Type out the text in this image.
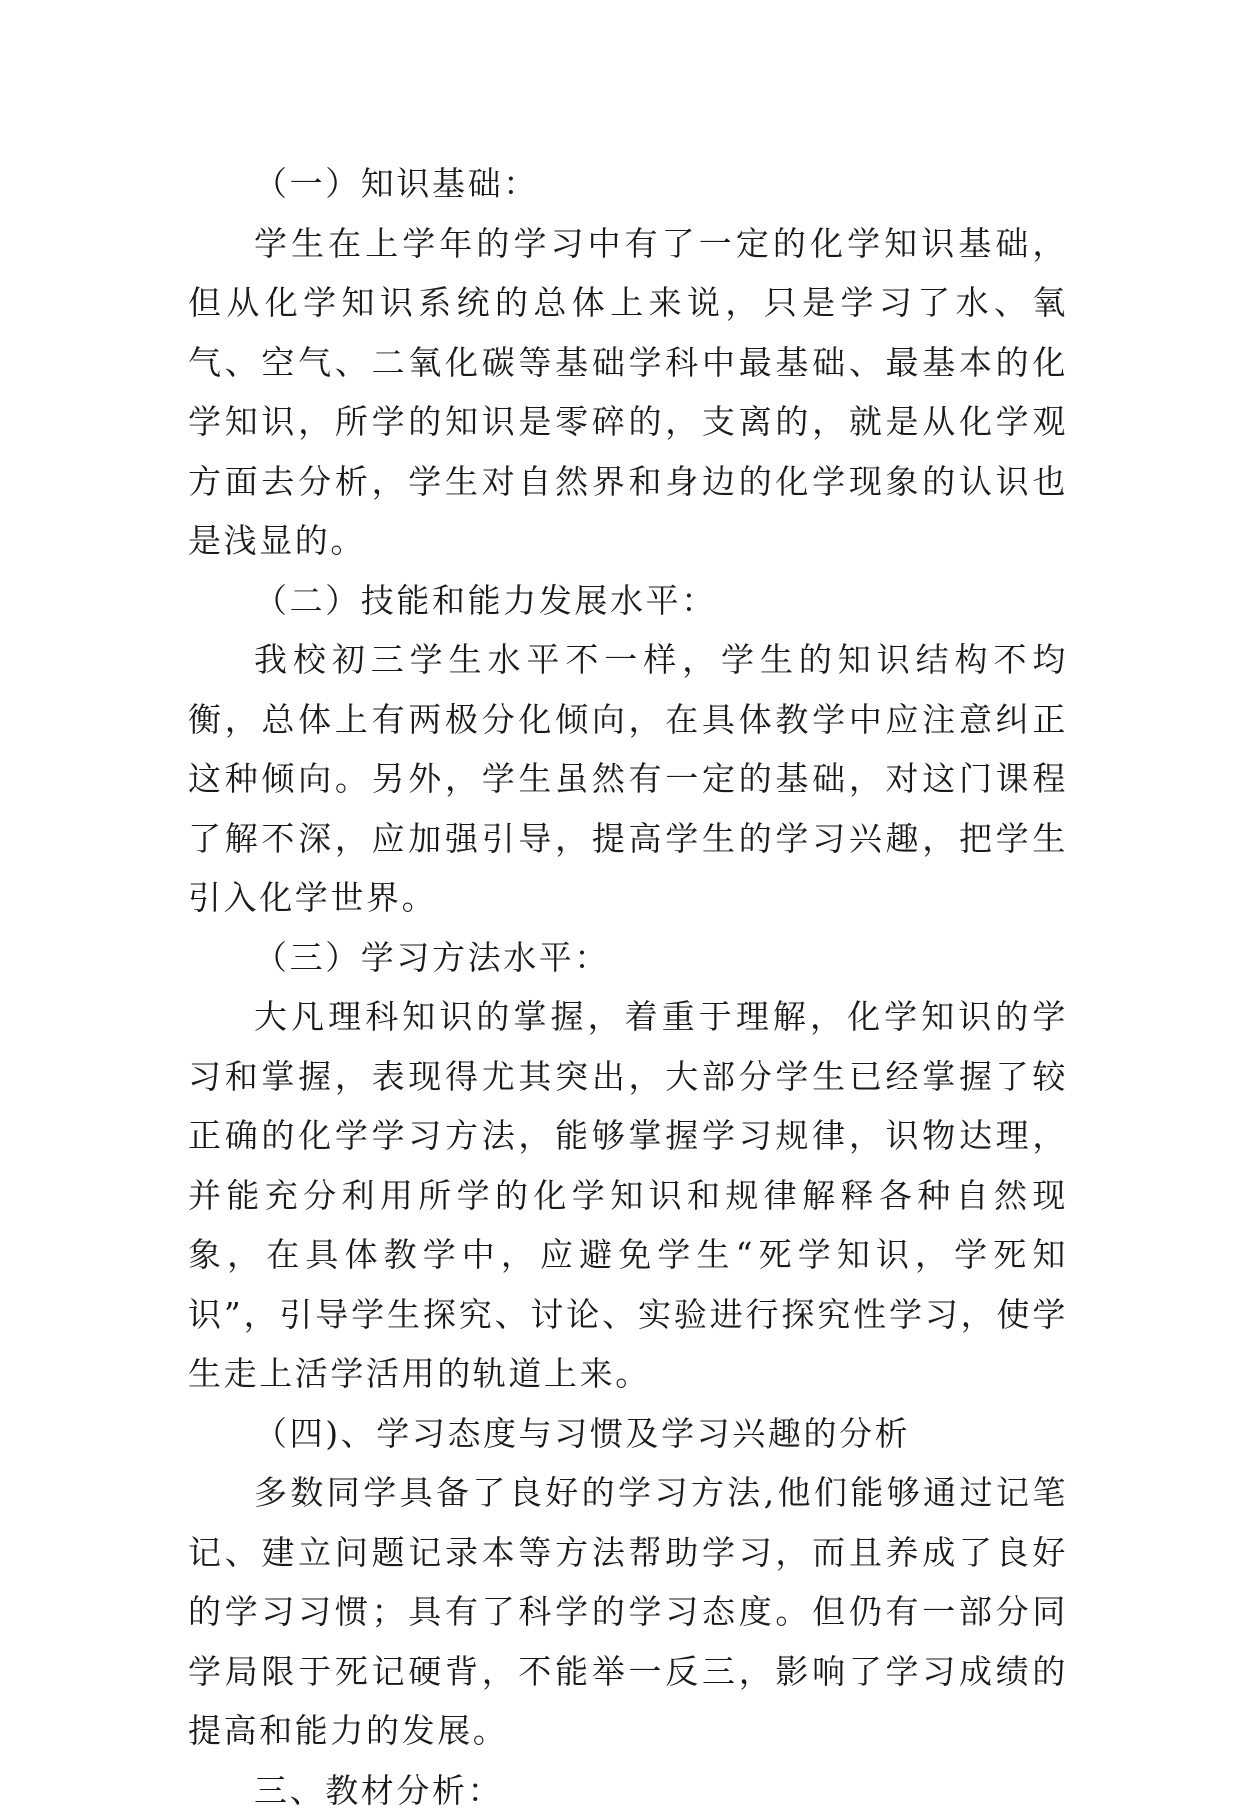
（一）知识基础：

学生在上学年的学习中有了一定的化学知识基础，但从化学知识系统的总体上来说，只是学习了水、氧气、空气、二氧化碳等基础学科中最基础、最基本的化学知识，所学的知识是零碎的，支离的，就是从化学观方面去分析，学生对自然界和身边的化学现象的认识也是浅显的。

（二）技能和能力发展水平：

我校初三学生水平不一样，学生的知识结构不均衡，总体上有两极分化倾向，在具体教学中应注意纠正这种倾向。另外，学生虽然有一定的基础，对这门课程了解不深，应加强引导，提高学生的学习兴趣，把学生引入化学世界。

（三）学习方法水平：

大凡理科知识的掌握，着重于理解，化学知识的学习和掌握，表现得尤其突出，大部分学生已经掌握了较正确的化学学习方法，能够掌握学习规律，识物达理，并能充分利用所学的化学知识和规律解释各种自然现象，在具体教学中，应避免学生“死学知识，学死知识”，引导学生探究、讨论、实验进行探究性学习，使学生走上活学活用的轨道上来。

（四)、学习态度与习惯及学习兴趣的分析

多数同学具备了良好的学习方法,他们能够通过记笔记、建立问题记录本等方法帮助学习，而且养成了良好的学习习惯；具有了科学的学习态度。但仍有一部分同学局限于死记硬背，不能举一反三，影响了学习成绩的提高和能力的发展。

三、教材分析：
